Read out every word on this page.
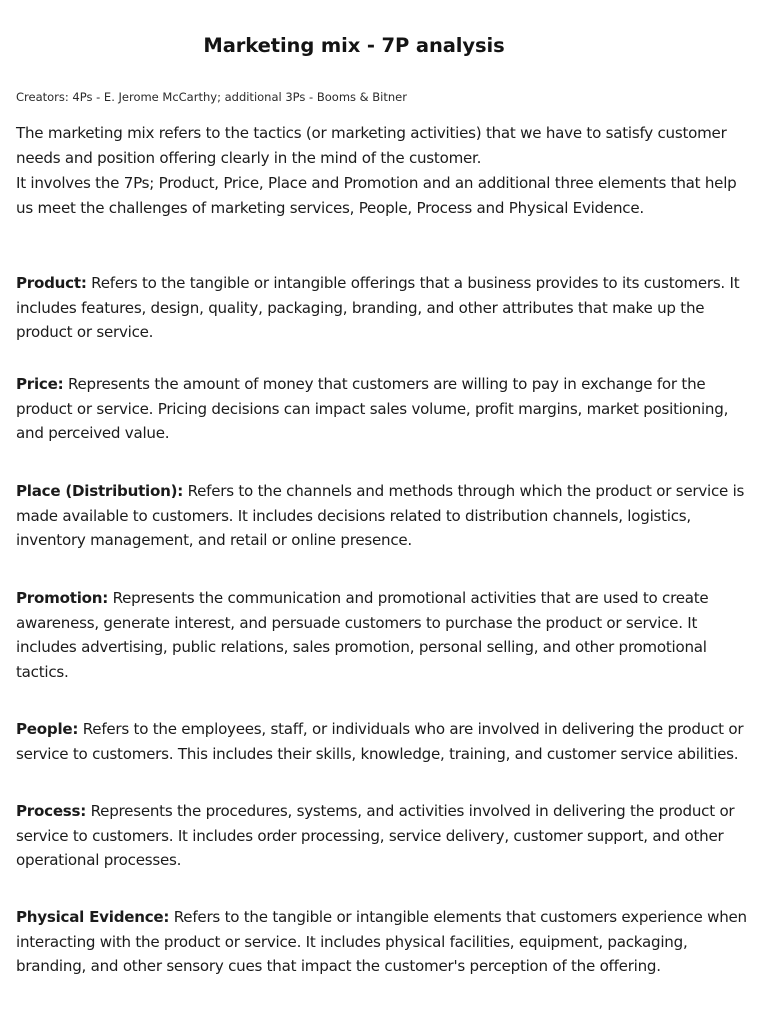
Marketing mix - 7P analysis

Creators: 4Ps - E. Jerome McCarthy; additional 3Ps - Booms & Bitner

The marketing mix refers to the tactics (or marketing activities) that we have to satisfy customer
needs and position offering clearly in the mind of the customer.
It involves the 7Ps; Product, Price, Place and Promotion and an additional three elements that help
us meet the challenges of marketing services, People, Process and Physical Evidence.

Product: Refers to the tangible or intangible offerings that a business provides to its customers. It
includes features, design, quality, packaging, branding, and other attributes that make up the
product or service.

Price: Represents the amount of money that customers are willing to pay in exchange for the
product or service. Pricing decisions can impact sales volume, profit margins, market positioning,
and perceived value.

Place (Distribution): Refers to the channels and methods through which the product or service is
made available to customers. It includes decisions related to distribution channels, logistics,
inventory management, and retail or online presence.

Promotion: Represents the communication and promotional activities that are used to create
awareness, generate interest, and persuade customers to purchase the product or service. It
includes advertising, public relations, sales promotion, personal selling, and other promotional
tactics.

People: Refers to the employees, staff, or individuals who are involved in delivering the product or
service to customers. This includes their skills, knowledge, training, and customer service abilities.

Process: Represents the procedures, systems, and activities involved in delivering the product or
service to customers. It includes order processing, service delivery, customer support, and other
operational processes.

Physical Evidence: Refers to the tangible or intangible elements that customers experience when
interacting with the product or service. It includes physical facilities, equipment, packaging,
branding, and other sensory cues that impact the customer's perception of the offering.
